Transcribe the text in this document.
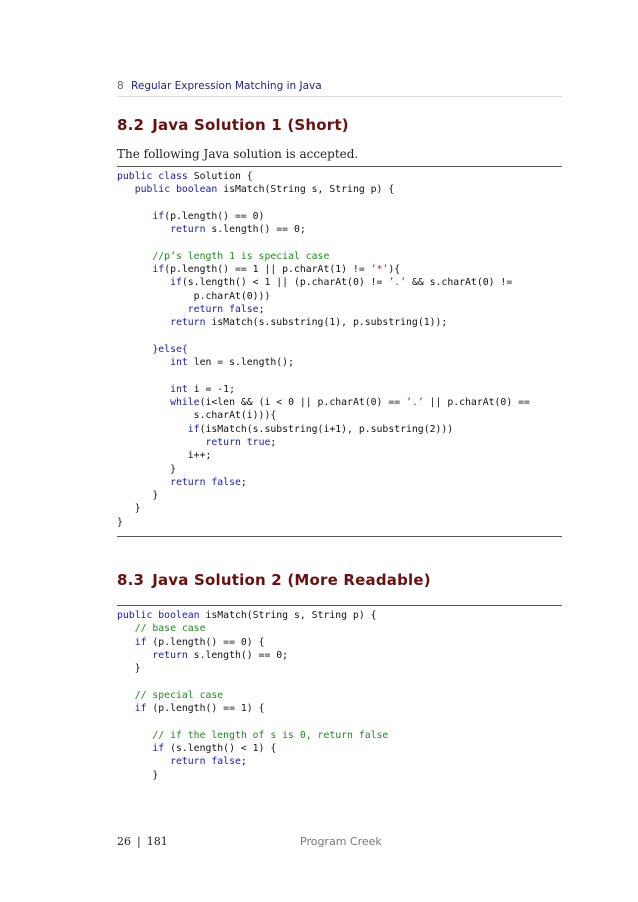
8 Regular Expression Matching in Java
8.2 Java Solution 1 (Short)

The following Java solution is accepted.

public class Solution {
public boolean isMatch(String s, String p) {

if(p.length() == 0)
return s.length() == 0;

//p’s length 1 is special case
if(p.length() == 1 || p.charAt(1) != ’*’){
if(s.length() < 1 || (p.charAt(0) != ’.’ && s.charAt(0) !=
p.charAt(0)))
return false;
return isMatch(s.substring(1), p.substring(1));

}else{
int len = s.length();

int i = -1;
while(i<len && (i < 0 || p.charAt(0) == ’.’ || p.charAt(0) ==
s.charAt(i))){
if(isMatch(s.substring(i+1), p.substring(2)))
return true;
i++;
}
return false;
}
}
}
8.3 Java Solution 2 (More Readable)
public boolean isMatch(String s, String p) {
// base case
if (p.length() == 0) {
return s.length() == 0;
}

// special case
if (p.length() == 1) {

// if the length of s is 0, return false
if (s.length() < 1) {
return false;
}
26 | 181	Program Creek
